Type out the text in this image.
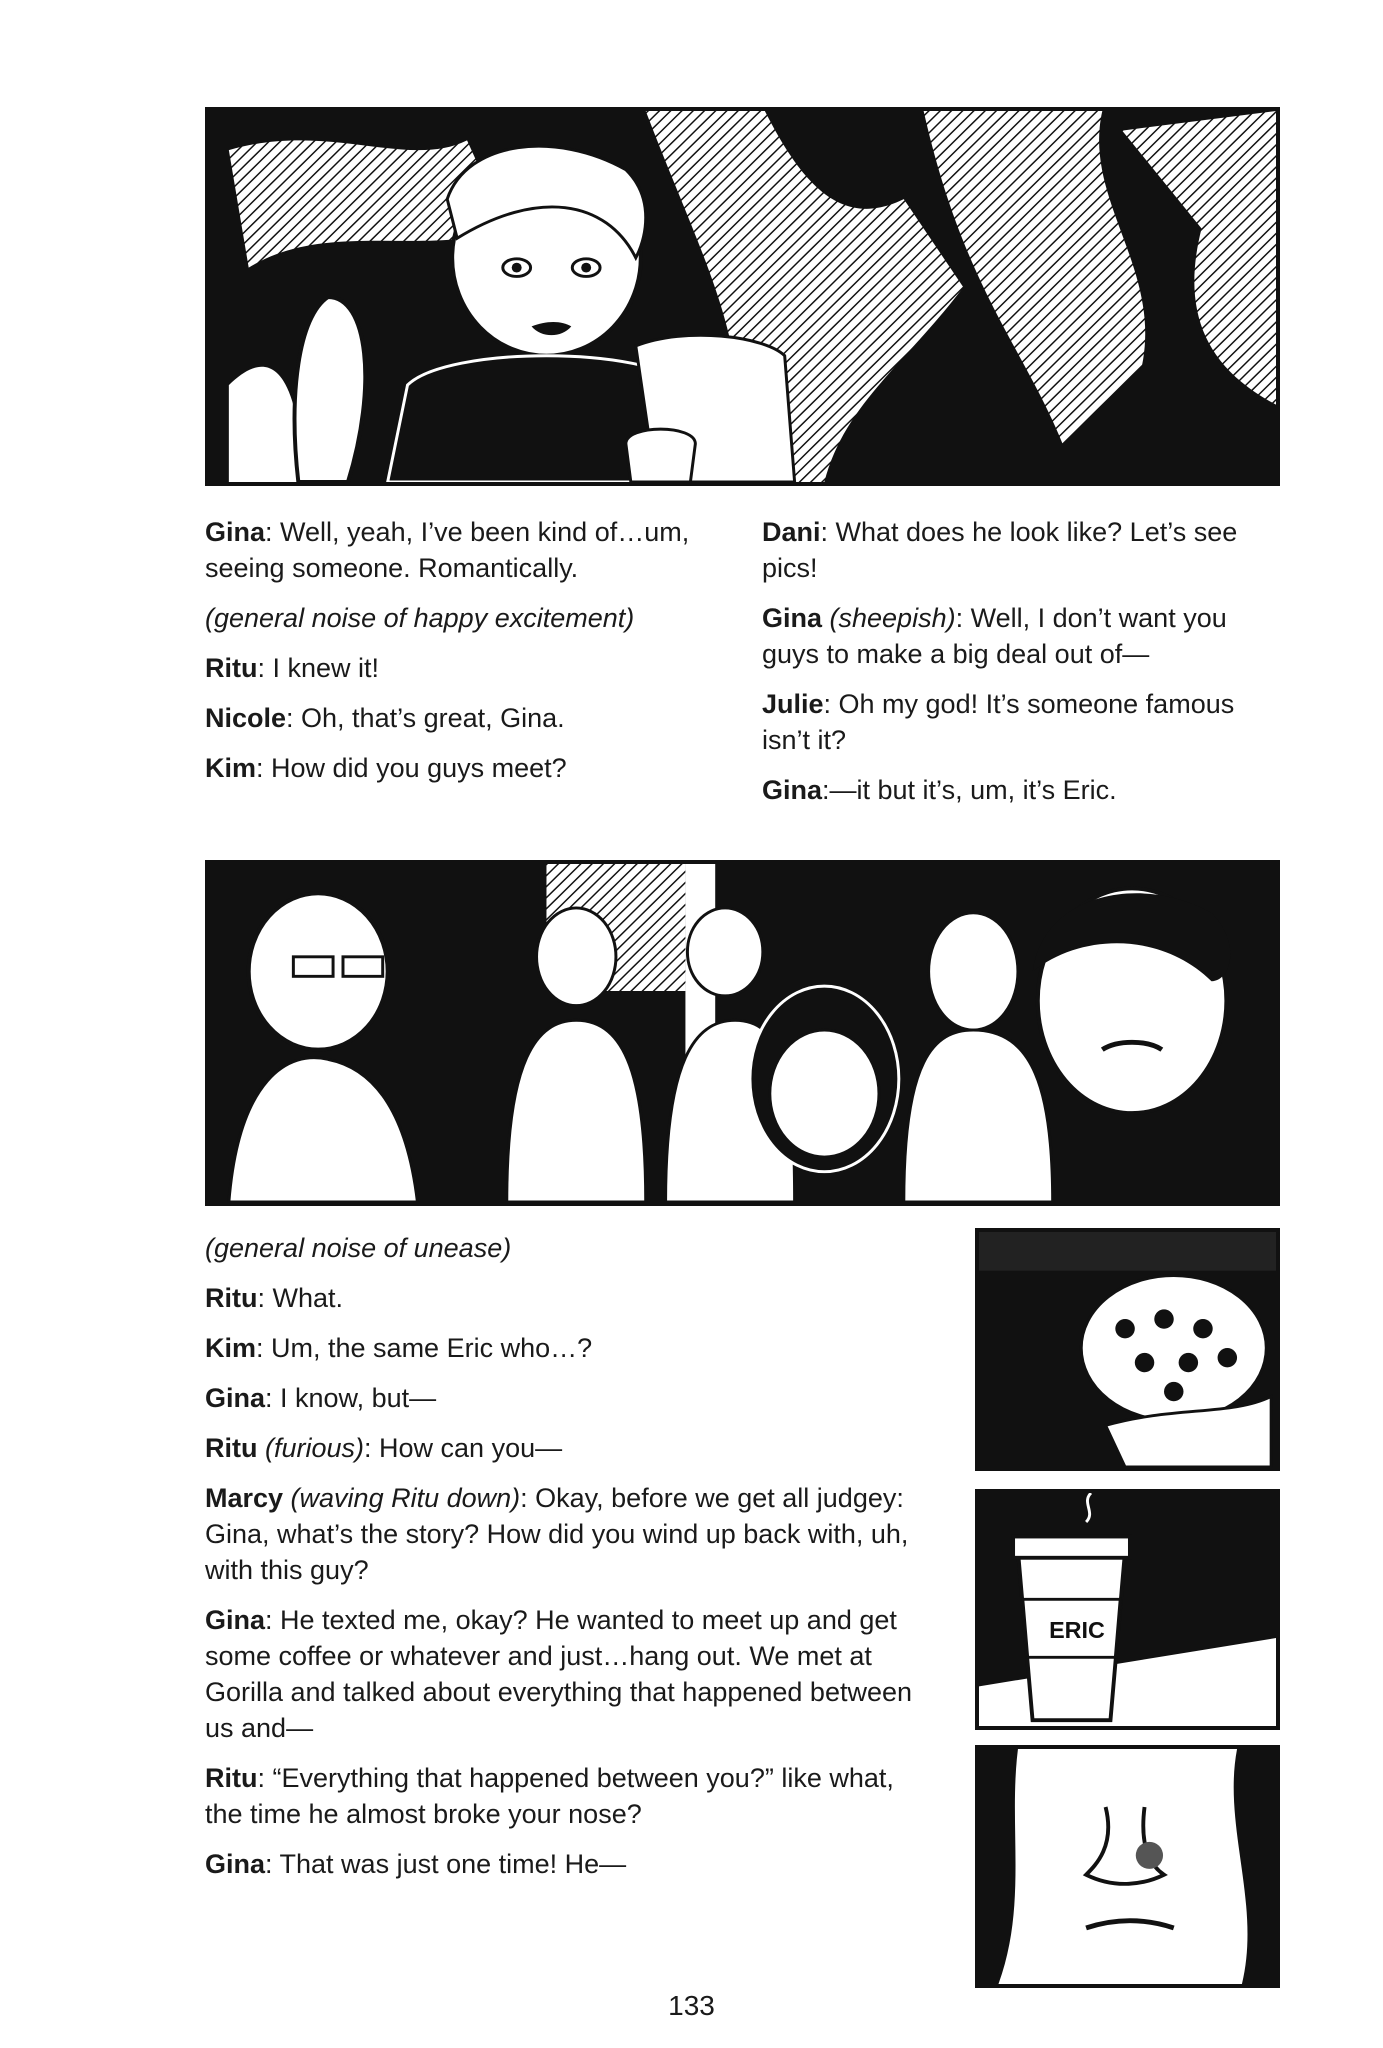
Gina: Well, yeah, I’ve been kind of…um, seeing someone. Romantically.

(general noise of happy excitement)

Ritu: I knew it!

Nicole: Oh, that’s great, Gina.

Kim: How did you guys meet?

Dani: What does he look like? Let’s see pics!

Gina (sheepish): Well, I don’t want you guys to make a big deal out of—

Julie: Oh my god! It’s someone famous isn’t it?

Gina:—it but it’s, um, it’s Eric.

(general noise of unease)

Ritu: What.

Kim: Um, the same Eric who…?

Gina: I know, but—

Ritu (furious): How can you—

Marcy (waving Ritu down): Okay, before we get all judgey: Gina, what’s the story? How did you wind up back with, uh, with this guy?

Gina: He texted me, okay? He wanted to meet up and get some coffee or whatever and just…hang out. We met at Gorilla and talked about everything that happened between us and—

Ritu: “Everything that happened between you?” like what, the time he almost broke your nose?

Gina: That was just one time! He—

ERIC
133
